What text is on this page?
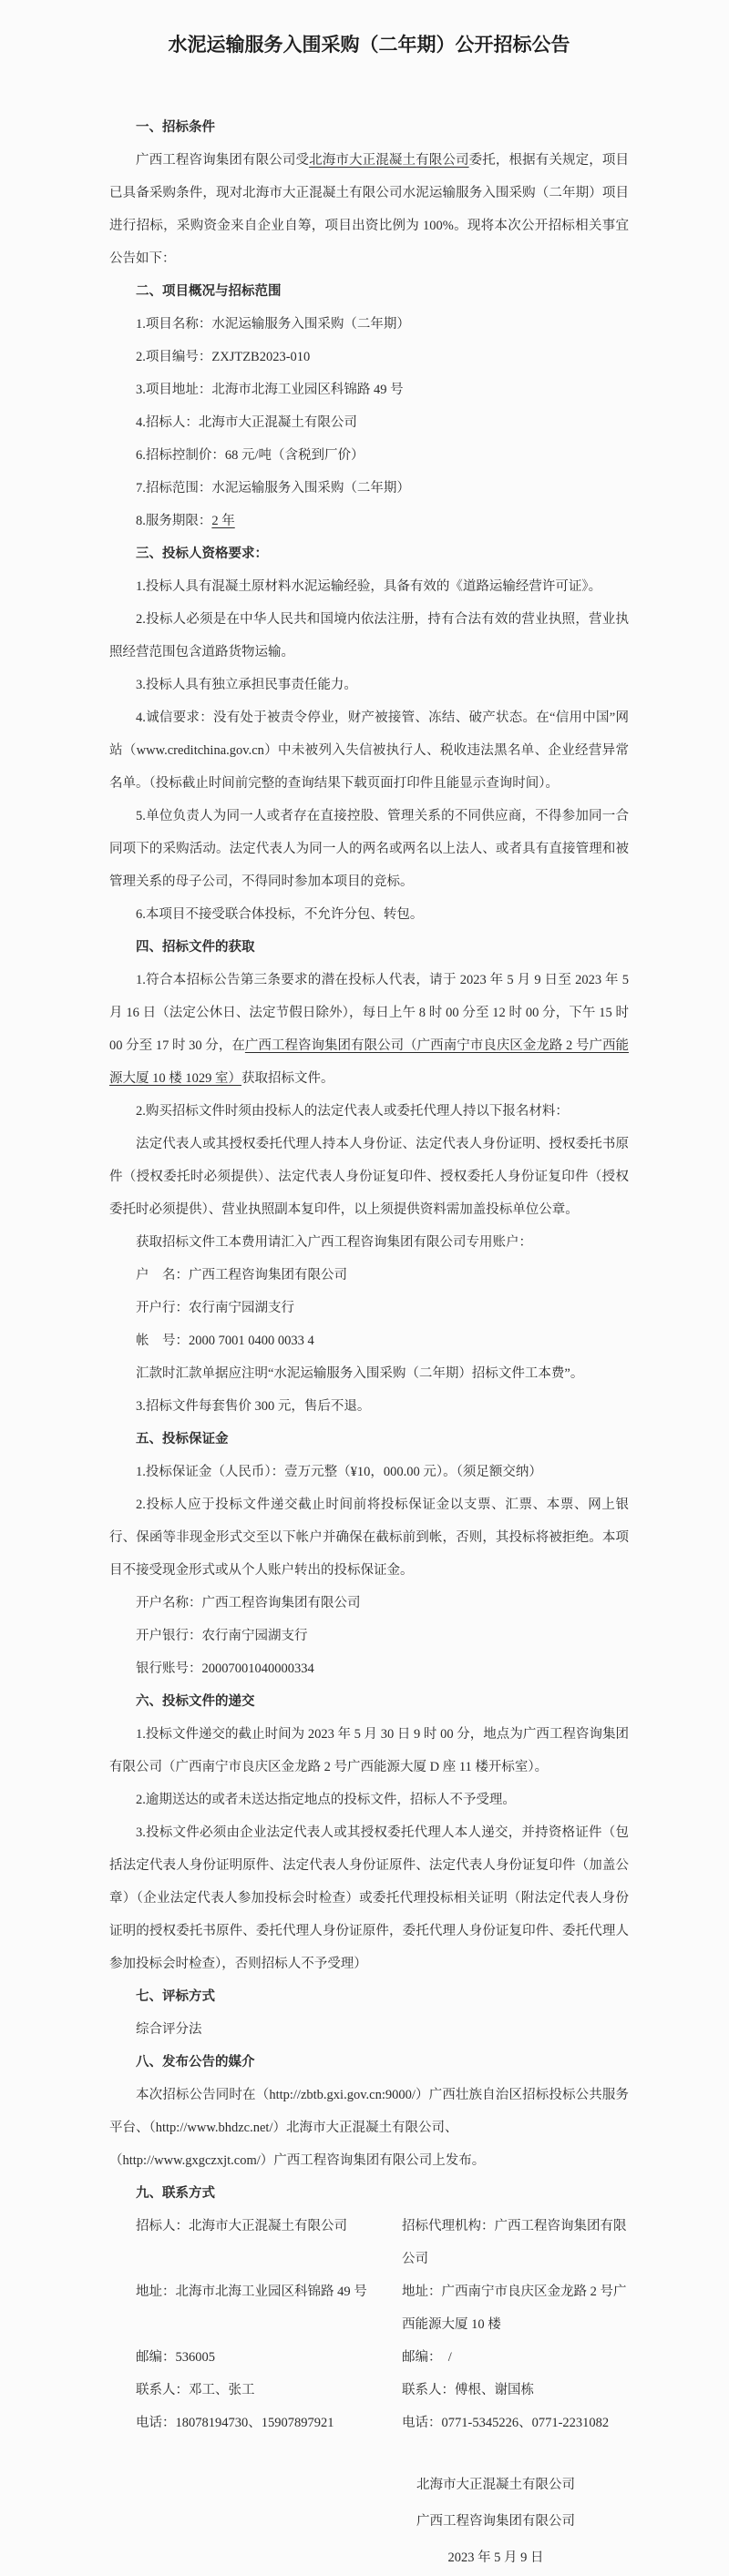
水泥运输服务入围采购（二年期）公开招标公告

一、招标条件

广西工程咨询集团有限公司受北海市大正混凝土有限公司委托，根据有关规定，项目已具备采购条件，现对北海市大正混凝土有限公司水泥运输服务入围采购（二年期）项目进行招标，采购资金来自企业自筹，项目出资比例为 100%。现将本次公开招标相关事宜公告如下：

二、项目概况与招标范围

1.项目名称：水泥运输服务入围采购（二年期）

2.项目编号：ZXJTZB2023-010

3.项目地址：北海市北海工业园区科锦路 49 号

4.招标人：北海市大正混凝土有限公司

6.招标控制价：68 元/吨（含税到厂价）

7.招标范围：水泥运输服务入围采购（二年期）

8.服务期限：2 年

三、投标人资格要求：

1.投标人具有混凝土原材料水泥运输经验，具备有效的《道路运输经营许可证》。

2.投标人必须是在中华人民共和国境内依法注册，持有合法有效的营业执照，营业执照经营范围包含道路货物运输。

3.投标人具有独立承担民事责任能力。

4.诚信要求：没有处于被责令停业，财产被接管、冻结、破产状态。在“信用中国”网站（www.creditchina.gov.cn）中未被列入失信被执行人、税收违法黑名单、企业经营异常名单。（投标截止时间前完整的查询结果下载页面打印件且能显示查询时间）。

5.单位负责人为同一人或者存在直接控股、管理关系的不同供应商，不得参加同一合同项下的采购活动。法定代表人为同一人的两名或两名以上法人、或者具有直接管理和被管理关系的母子公司，不得同时参加本项目的竞标。

6.本项目不接受联合体投标，不允许分包、转包。

四、招标文件的获取

1.符合本招标公告第三条要求的潜在投标人代表，请于 2023 年 5 月 9 日至 2023 年 5 月 16 日（法定公休日、法定节假日除外），每日上午 8 时 00 分至 12 时 00 分，下午 15 时 00 分至 17 时 30 分，在广西工程咨询集团有限公司（广西南宁市良庆区金龙路 2 号广西能源大厦 10 楼 1029 室）获取招标文件。

2.购买招标文件时须由投标人的法定代表人或委托代理人持以下报名材料：

法定代表人或其授权委托代理人持本人身份证、法定代表人身份证明、授权委托书原件（授权委托时必须提供）、法定代表人身份证复印件、授权委托人身份证复印件（授权委托时必须提供）、营业执照副本复印件，以上须提供资料需加盖投标单位公章。

获取招标文件工本费用请汇入广西工程咨询集团有限公司专用账户：

户　名：广西工程咨询集团有限公司

开户行：农行南宁园湖支行

帐　号：2000 7001 0400 0033 4

汇款时汇款单据应注明“水泥运输服务入围采购（二年期）招标文件工本费”。

3.招标文件每套售价 300 元，售后不退。

五、投标保证金

1.投标保证金（人民币）：壹万元整（¥10，000.00 元）。（须足额交纳）

2.投标人应于投标文件递交截止时间前将投标保证金以支票、汇票、本票、网上银行、保函等非现金形式交至以下帐户并确保在截标前到帐，否则，其投标将被拒绝。本项目不接受现金形式或从个人账户转出的投标保证金。

开户名称：广西工程咨询集团有限公司

开户银行：农行南宁园湖支行

银行账号：20007001040000334

六、投标文件的递交

1.投标文件递交的截止时间为 2023 年 5 月 30 日 9 时 00 分，地点为广西工程咨询集团有限公司（广西南宁市良庆区金龙路 2 号广西能源大厦 D 座 11 楼开标室）。

2.逾期送达的或者未送达指定地点的投标文件，招标人不予受理。

3.投标文件必须由企业法定代表人或其授权委托代理人本人递交，并持资格证件（包括法定代表人身份证明原件、法定代表人身份证原件、法定代表人身份证复印件（加盖公章）（企业法定代表人参加投标会时检查）或委托代理投标相关证明（附法定代表人身份证明的授权委托书原件、委托代理人身份证原件，委托代理人身份证复印件、委托代理人参加投标会时检查），否则招标人不予受理）

七、评标方式

综合评分法

八、发布公告的媒介

本次招标公告同时在（http://zbtb.gxi.gov.cn:9000/）广西壮族自治区招标投标公共服务平台、（http://www.bhdzc.net/）北海市大正混凝土有限公司、

（http://www.gxgczxjt.com/）广西工程咨询集团有限公司上发布。

九、联系方式

招标人：北海市大正混凝土有限公司	招标代理机构：广西工程咨询集团有限公司

地址：北海市北海工业园区科锦路 49 号	地址：广西南宁市良庆区金龙路 2 号广西能源大厦 10 楼

邮编：536005	邮编：　/

联系人：邓工、张工	联系人：傅根、谢国栋

电话：18078194730、15907897921	电话：0771-5345226、0771-2231082

北海市大正混凝土有限公司

广西工程咨询集团有限公司

2023 年 5 月 9 日
